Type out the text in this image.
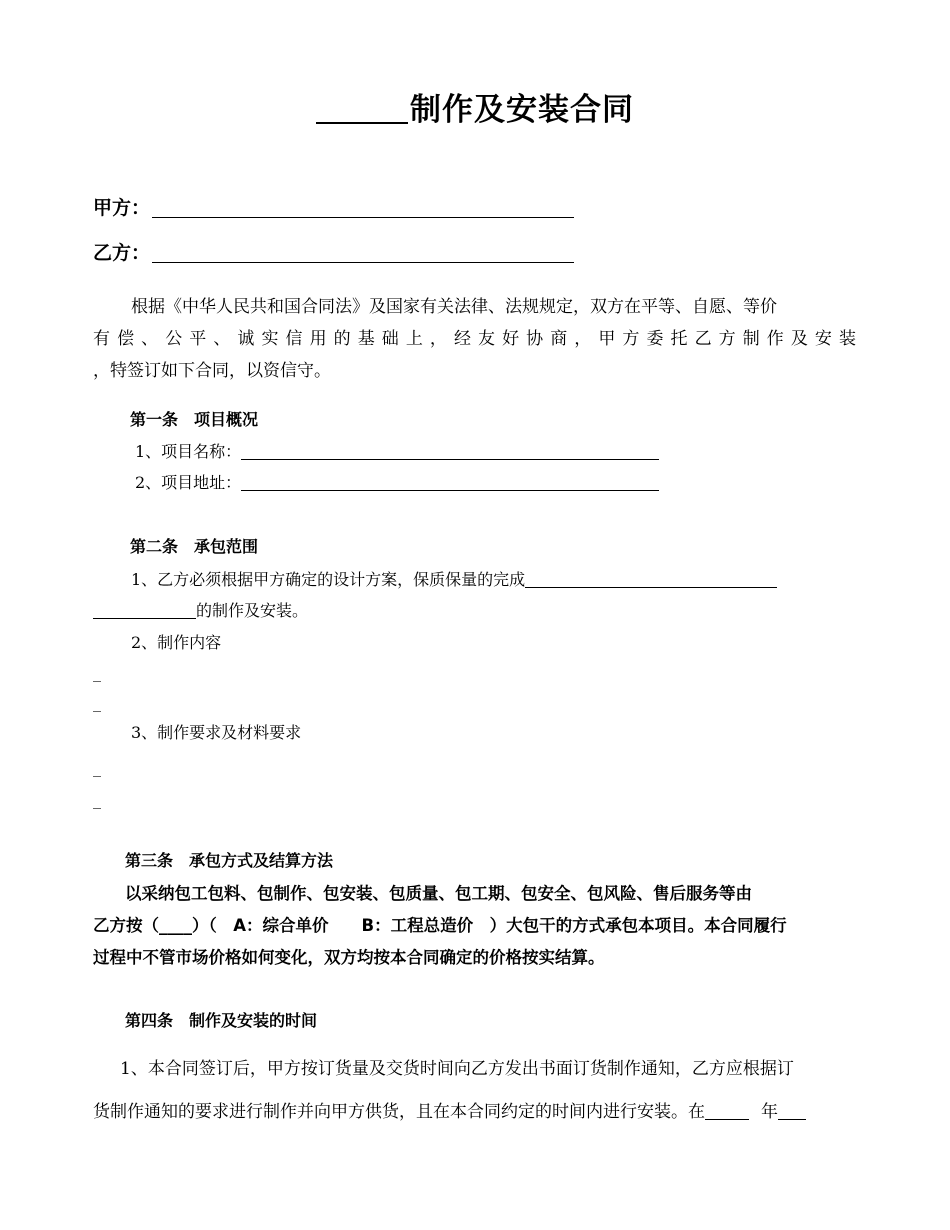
制作及安装合同
甲方：
乙方：
根据《中华人民共和国合同法》及国家有关法律、法规规定，双方在平等、自愿、等价
有偿、公平、诚实信用的基础上，经友好协商，甲方委托乙方制作及安装
，特签订如下合同，以资信守。
第一条　项目概况
1、项目名称：
2、项目地址：
第二条　承包范围
1、乙方必须根据甲方确定的设计方案，保质保量的完成
的制作及安装。
2、制作内容
_
_
3、制作要求及材料要求
_
_
第三条　承包方式及结算方法
以采纳包工包料、包制作、包安装、包质量、包工期、包安全、包风险、售后服务等由
乙方按（____）（　A：综合单价　　B：工程总造价　）大包干的方式承包本项目。本合同履行
过程中不管市场价格如何变化，双方均按本合同确定的价格按实结算。
第四条　制作及安装的时间
1、本合同签订后，甲方按订货量及交货时间向乙方发出书面订货制作通知，乙方应根据订
货制作通知的要求进行制作并向甲方供货，且在本合同约定的时间内进行安装。在	年
